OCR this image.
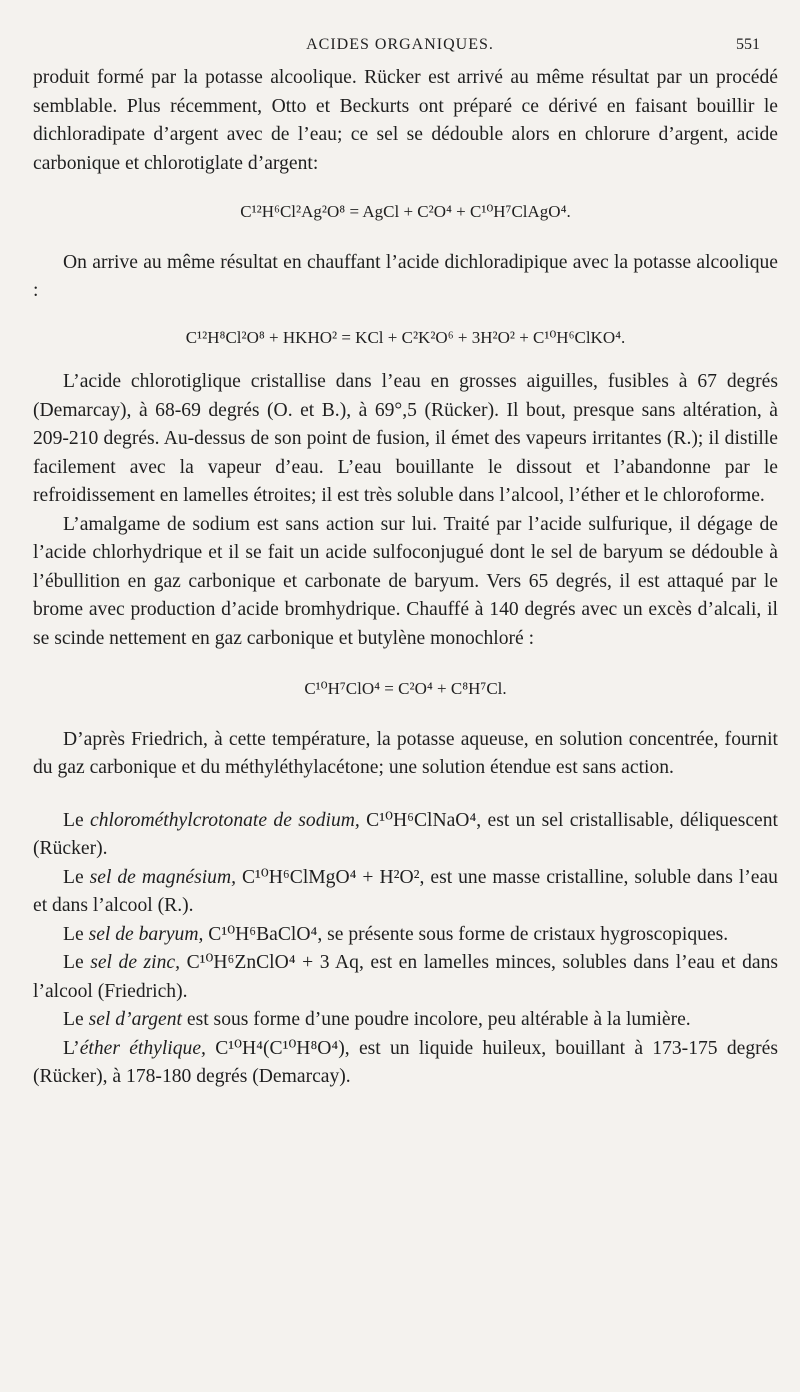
ACIDES ORGANIQUES.	551

produit formé par la potasse alcoolique. Rücker est arrivé au même résultat par un procédé semblable. Plus récemment, Otto et Beckurts ont préparé ce dérivé en faisant bouillir le dichloradipate d’argent avec de l’eau; ce sel se dédouble alors en chlorure d’argent, acide carbonique et chlorotiglate d’argent:

C¹²H⁶Cl²Ag²O⁸ = AgCl + C²O⁴ + C¹⁰H⁷ClAgO⁴.

On arrive au même résultat en chauffant l’acide dichloradipique avec la potasse alcoolique :

C¹²H⁸Cl²O⁸ + HKHO² = KCl + C²K²O⁶ + 3H²O² + C¹⁰H⁶ClKO⁴.

L’acide chlorotiglique cristallise dans l’eau en grosses aiguilles, fusibles à 67 degrés (Demarcay), à 68-69 degrés (O. et B.), à 69°,5 (Rücker). Il bout, presque sans altération, à 209-210 degrés. Au-dessus de son point de fusion, il émet des vapeurs irritantes (R.); il distille facilement avec la vapeur d’eau. L’eau bouillante le dissout et l’abandonne par le refroidissement en lamelles étroites; il est très soluble dans l’alcool, l’éther et le chloroforme.

L’amalgame de sodium est sans action sur lui. Traité par l’acide sulfurique, il dégage de l’acide chlorhydrique et il se fait un acide sulfoconjugué dont le sel de baryum se dédouble à l’ébullition en gaz carbonique et carbonate de baryum. Vers 65 degrés, il est attaqué par le brome avec production d’acide bromhydrique. Chauffé à 140 degrés avec un excès d’alcali, il se scinde nettement en gaz carbonique et butylène monochloré :

C¹⁰H⁷ClO⁴ = C²O⁴ + C⁸H⁷Cl.

D’après Friedrich, à cette température, la potasse aqueuse, en solution concentrée, fournit du gaz carbonique et du méthyléthylacétone; une solution étendue est sans action.

Le chlorométhylcrotonate de sodium, C¹⁰H⁶ClNaO⁴, est un sel cristallisable, déliquescent (Rücker).

Le sel de magnésium, C¹⁰H⁶ClMgO⁴ + H²O², est une masse cristalline, soluble dans l’eau et dans l’alcool (R.).

Le sel de baryum, C¹⁰H⁶BaClO⁴, se présente sous forme de cristaux hygroscopiques.

Le sel de zinc, C¹⁰H⁶ZnClO⁴ + 3 Aq, est en lamelles minces, solubles dans l’eau et dans l’alcool (Friedrich).

Le sel d’argent est sous forme d’une poudre incolore, peu altérable à la lumière.

L’éther éthylique, C¹⁰H⁴(C¹⁰H⁸O⁴), est un liquide huileux, bouillant à 173-175 degrés (Rücker), à 178-180 degrés (Demarcay).
